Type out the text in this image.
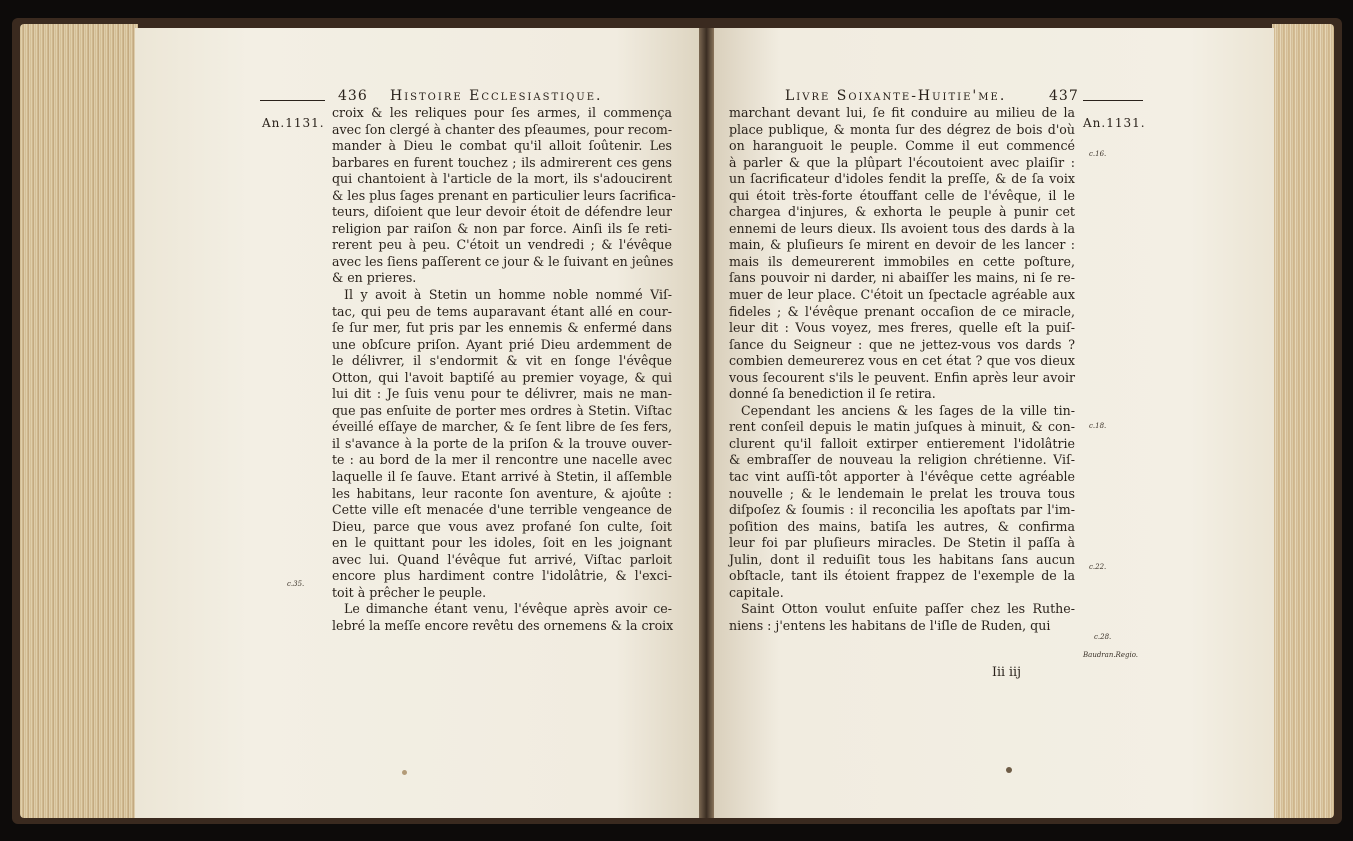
436 Histoire Ecclesiastique.
An.1131.
croix & les reliques pour ſes armes, il commença
avec ſon clergé à chanter des pſeaumes, pour recom-
mander à Dieu le combat qu'il alloit ſoûtenir. Les
barbares en furent touchez ; ils admirerent ces gens
qui chantoient à l'article de la mort, ils s'adoucirent
& les plus ſages prenant en particulier leurs ſacrifica-
teurs, diſoient que leur devoir étoit de défendre leur
religion par raiſon & non par force. Ainſi ils ſe reti-
rerent peu à peu. C'étoit un vendredi ; & l'évêque
avec les ſiens paſſerent ce jour & le ſuivant en jeûnes
& en prieres.
Il y avoit à Stetin un homme noble nommé Viſ-
tac, qui peu de tems auparavant étant allé en cour-
ſe ſur mer, fut pris par les ennemis & enfermé dans
une obſcure priſon. Ayant prié Dieu ardemment de
le délivrer, il s'endormit & vit en ſonge l'évêque
Otton, qui l'avoit baptiſé au premier voyage, & qui
lui dit : Je ſuis venu pour te délivrer, mais ne man-
que pas enſuite de porter mes ordres à Stetin. Viſtac
éveillé eſſaye de marcher, & ſe ſent libre de ſes fers,
il s'avance à la porte de la priſon & la trouve ouver-
te : au bord de la mer il rencontre une nacelle avec
laquelle il ſe ſauve. Etant arrivé à Stetin, il aſſemble
les habitans, leur raconte ſon aventure, & ajoûte :
Cette ville eſt menacée d'une terrible vengeance de
Dieu, parce que vous avez profané ſon culte, ſoit
en le quittant pour les idoles, ſoit en les joignant
avec lui. Quand l'évêque fut arrivé, Viſtac parloit
encore plus hardiment contre l'idolâtrie, & l'exci-
toit à prêcher le peuple.
Le dimanche étant venu, l'évêque après avoir ce-
lebré la meſſe encore revêtu des ornemens & la croix
c.35.
Livre Soixante-Huitie'me.	437
An.1131.
marchant devant lui, ſe fit conduire au milieu de la
place publique, & monta ſur des dégrez de bois d'où
on haranguoit le peuple. Comme il eut commencé
à parler & que la plûpart l'écoutoient avec plaiſir :
un ſacrificateur d'idoles fendit la preſſe, & de ſa voix
qui étoit très-forte étouffant celle de l'évêque, il le
chargea d'injures, & exhorta le peuple à punir cet
ennemi de leurs dieux. Ils avoient tous des dards à la
main, & pluſieurs ſe mirent en devoir de les lancer :
mais ils demeurerent immobiles en cette poſture,
ſans pouvoir ni darder, ni abaiſſer les mains, ni ſe re-
muer de leur place. C'étoit un ſpectacle agréable aux
fideles ; & l'évêque prenant occaſion de ce miracle,
leur dit : Vous voyez, mes freres, quelle eſt la puiſ-
ſance du Seigneur : que ne jettez-vous vos dards ?
combien demeurerez vous en cet état ? que vos dieux
vous ſecourent s'ils le peuvent. Enfin après leur avoir
donné ſa benediction il ſe retira.
Cependant les anciens & les ſages de la ville tin-
rent conſeil depuis le matin juſques à minuit, & con-
clurent qu'il falloit extirper entierement l'idolâtrie
& embraſſer de nouveau la religion chrétienne. Viſ-
tac vint auſſi-tôt apporter à l'évêque cette agréable
nouvelle ; & le lendemain le prelat les trouva tous
diſpoſez & ſoumis : il reconcilia les apoſtats par l'im-
poſition des mains, batiſa les autres, & confirma
leur foi par pluſieurs miracles. De Stetin il paſſa à
Julin, dont il reduiſit tous les habitans ſans aucun
obſtacle, tant ils étoient frappez de l'exemple de la
capitale.
Saint Otton voulut enſuite paſſer chez les Ruthe-
niens : j'entens les habitans de l'iſle de Ruden, qui
c.16.
c.18.
c.22.
c.28.
Baudran.Regio.
Iii iij
